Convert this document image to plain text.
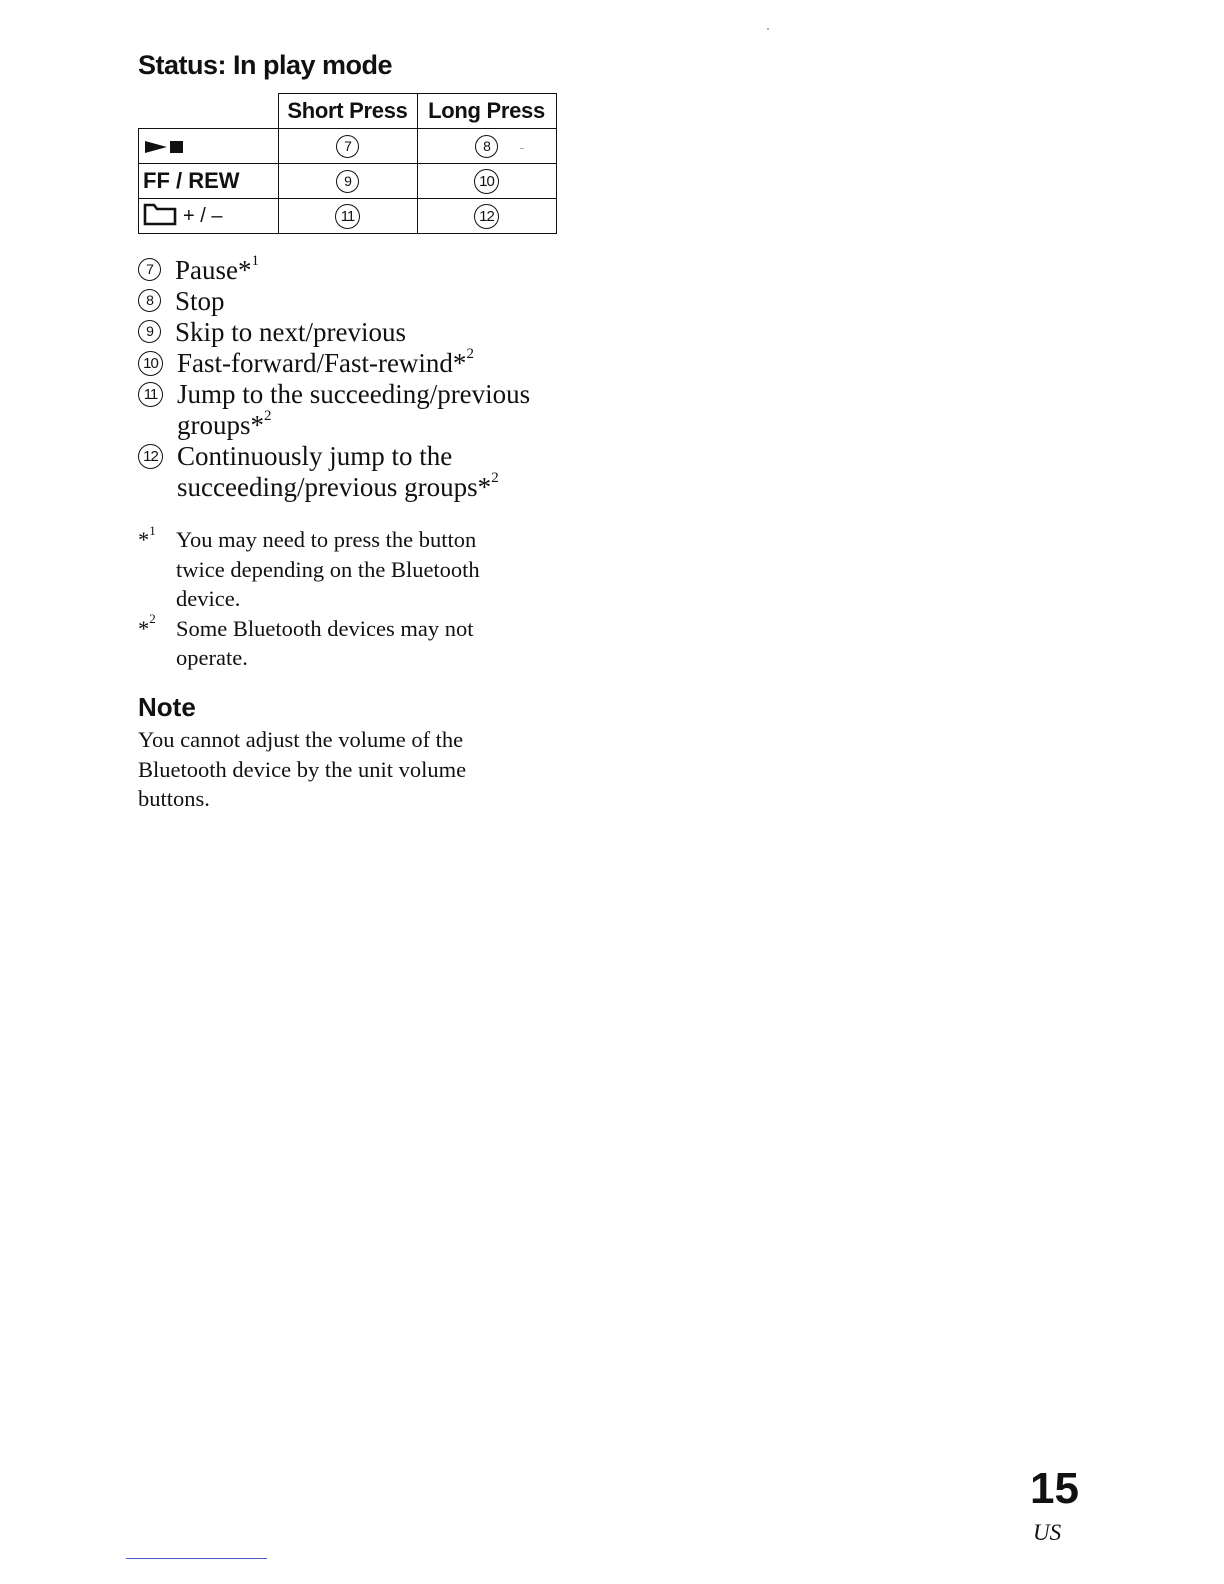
Status: In play mode
	Short Press	Long Press

	7	8
FF / REW	9	10

+ / –	11	12
7 Pause*$^1$
8 Stop
9 Skip to next/previous
10 Fast-forward/Fast-rewind*$^2$
11 Jump to the succeeding/previous groups*$^2$
12 Continuously jump to the succeeding/previous groups*$^2$
*$^1$ You may need to press the button twice depending on the Bluetooth device.
*$^2$ Some Bluetooth devices may not operate.
Note
You cannot adjust the volume of the Bluetooth device by the unit volume buttons.
15
US
